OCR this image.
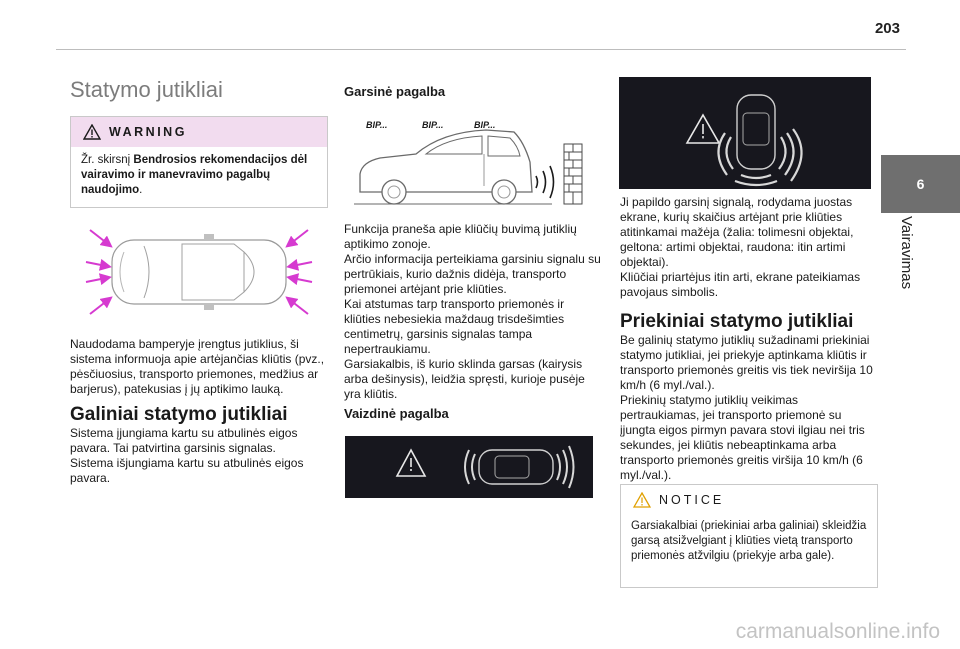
203
6
Vairavimas
Statymo jutikliai
WARNING
Žr. skirsnį Bendrosios rekomendacijos dėl vairavimo ir manevravimo pagalbų naudojimo.

Naudodama bamperyje įrengtus jutiklius, ši sistema informuoja apie artėjančias kliūtis (pvz., pėsčiuosius, transporto priemones, medžius ar barjerus), patekusias į jų aptikimo lauką.

Galiniai statymo jutikliai

Sistema įjungiama kartu su atbulinės eigos pavara. Tai patvirtina garsinis signalas.

Sistema išjungiama kartu su atbulinės eigos pavara.

Garsinė pagalba
BIP...	BIP...	BIP...

Funkcija praneša apie kliūčių buvimą jutiklių aptikimo zonoje.

Arčio informacija perteikiama garsiniu signalu su pertrūkiais, kurio dažnis didėja, transporto priemonei artėjant prie kliūties.

Kai atstumas tarp transporto priemonės ir kliūties nebesiekia maždaug trisdešimties centimetrų, garsinis signalas tampa nepertraukiamu.

Garsiakalbis, iš kurio sklinda garsas (kairysis arba dešinysis), leidžia spręsti, kurioje pusėje yra kliūtis.

Vaizdinė pagalba

Ji papildo garsinį signalą, rodydama juostas ekrane, kurių skaičius artėjant prie kliūties atitinkamai mažėja (žalia: tolimesni objektai, geltona: artimi objektai, raudona: itin artimi objektai).

Kliūčiai priartėjus itin arti, ekrane pateikiamas pavojaus simbolis.

Priekiniai statymo jutikliai

Be galinių statymo jutiklių sužadinami priekiniai statymo jutikliai, jei priekyje aptinkama kliūtis ir transporto priemonės greitis vis tiek neviršija 10 km/h (6 myl./val.).

Priekinių statymo jutiklių veikimas pertraukiamas, jei transporto priemonė su įjungta eigos pirmyn pavara stovi ilgiau nei tris sekundes, jei kliūtis nebeaptinkama arba transporto priemonės greitis viršija 10 km/h (6 myl./val.).

NOTICE
Garsiakalbiai (priekiniai arba galiniai) skleidžia garsą atsižvelgiant į kliūties vietą transporto priemonės atžvilgiu (priekyje arba gale).
carmanualsonline.info
